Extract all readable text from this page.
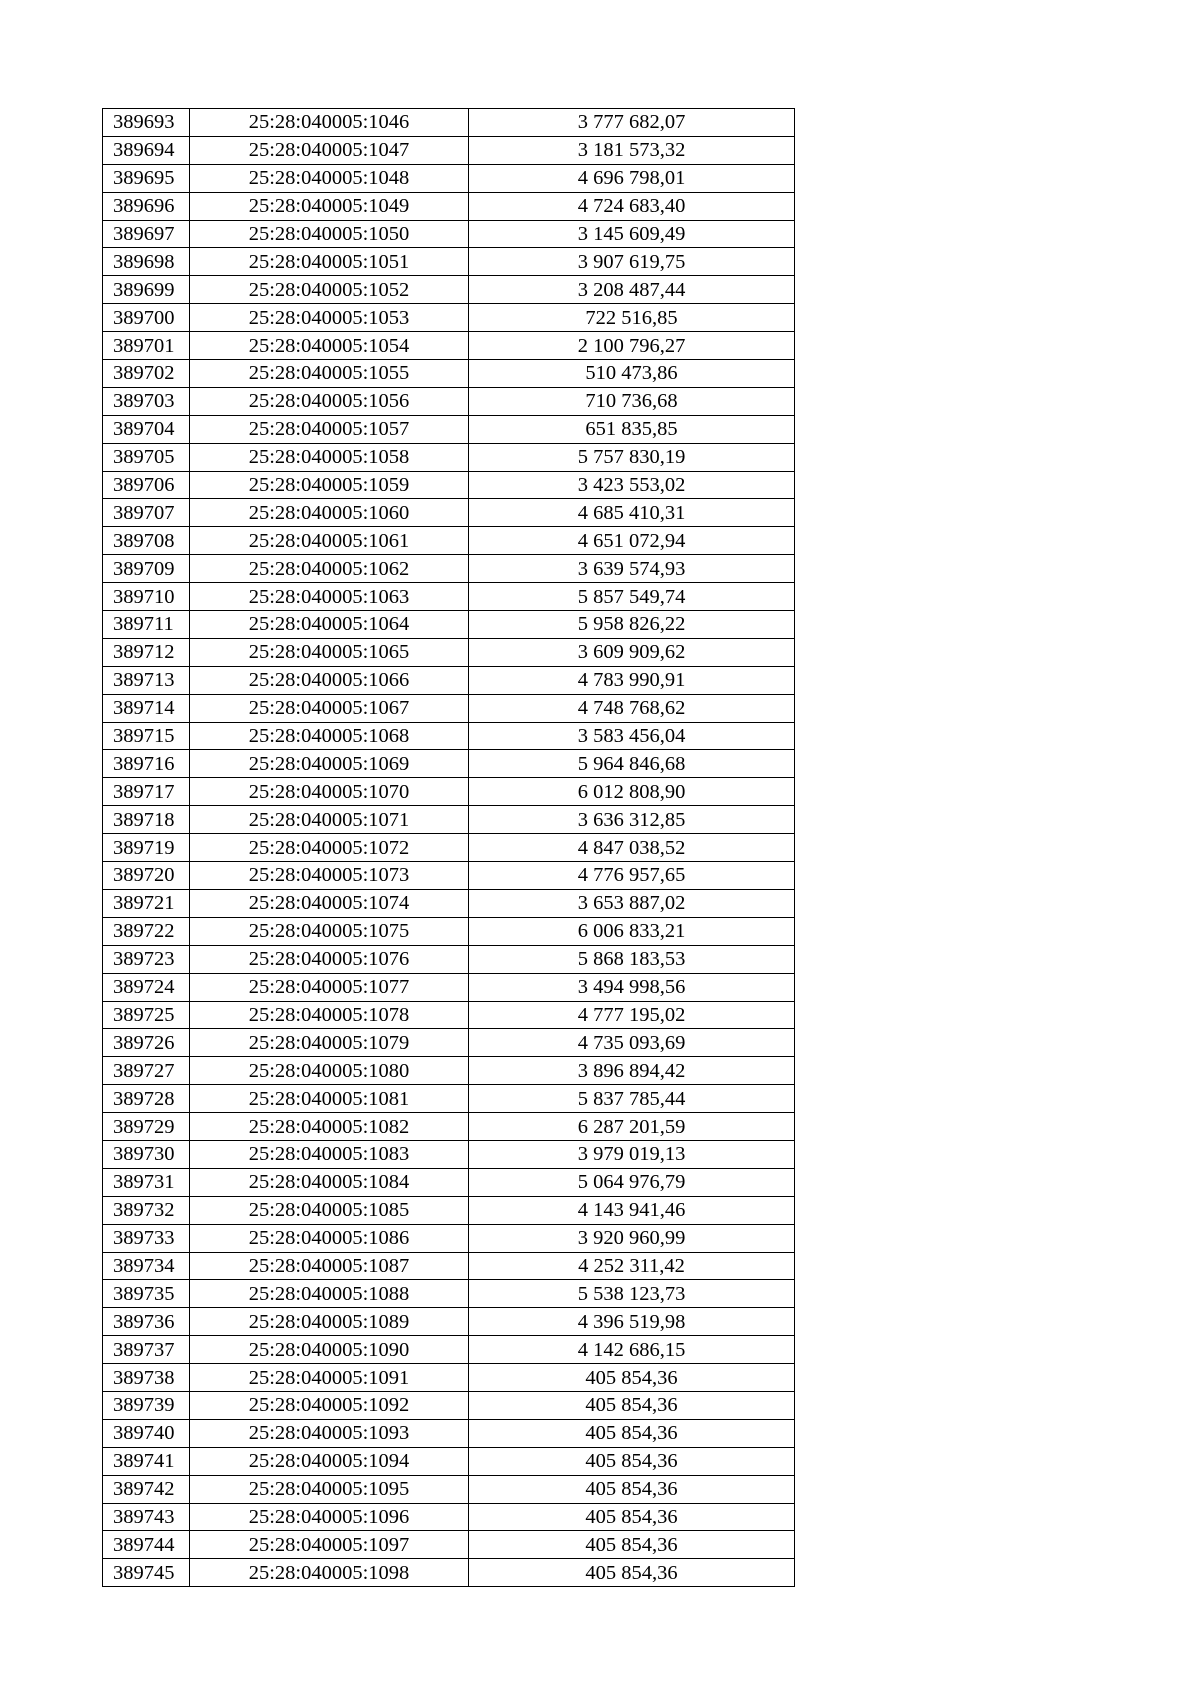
389693	25:28:040005:1046	3 777 682,07
389694	25:28:040005:1047	3 181 573,32
389695	25:28:040005:1048	4 696 798,01
389696	25:28:040005:1049	4 724 683,40
389697	25:28:040005:1050	3 145 609,49
389698	25:28:040005:1051	3 907 619,75
389699	25:28:040005:1052	3 208 487,44
389700	25:28:040005:1053	722 516,85
389701	25:28:040005:1054	2 100 796,27
389702	25:28:040005:1055	510 473,86
389703	25:28:040005:1056	710 736,68
389704	25:28:040005:1057	651 835,85
389705	25:28:040005:1058	5 757 830,19
389706	25:28:040005:1059	3 423 553,02
389707	25:28:040005:1060	4 685 410,31
389708	25:28:040005:1061	4 651 072,94
389709	25:28:040005:1062	3 639 574,93
389710	25:28:040005:1063	5 857 549,74
389711	25:28:040005:1064	5 958 826,22
389712	25:28:040005:1065	3 609 909,62
389713	25:28:040005:1066	4 783 990,91
389714	25:28:040005:1067	4 748 768,62
389715	25:28:040005:1068	3 583 456,04
389716	25:28:040005:1069	5 964 846,68
389717	25:28:040005:1070	6 012 808,90
389718	25:28:040005:1071	3 636 312,85
389719	25:28:040005:1072	4 847 038,52
389720	25:28:040005:1073	4 776 957,65
389721	25:28:040005:1074	3 653 887,02
389722	25:28:040005:1075	6 006 833,21
389723	25:28:040005:1076	5 868 183,53
389724	25:28:040005:1077	3 494 998,56
389725	25:28:040005:1078	4 777 195,02
389726	25:28:040005:1079	4 735 093,69
389727	25:28:040005:1080	3 896 894,42
389728	25:28:040005:1081	5 837 785,44
389729	25:28:040005:1082	6 287 201,59
389730	25:28:040005:1083	3 979 019,13
389731	25:28:040005:1084	5 064 976,79
389732	25:28:040005:1085	4 143 941,46
389733	25:28:040005:1086	3 920 960,99
389734	25:28:040005:1087	4 252 311,42
389735	25:28:040005:1088	5 538 123,73
389736	25:28:040005:1089	4 396 519,98
389737	25:28:040005:1090	4 142 686,15
389738	25:28:040005:1091	405 854,36
389739	25:28:040005:1092	405 854,36
389740	25:28:040005:1093	405 854,36
389741	25:28:040005:1094	405 854,36
389742	25:28:040005:1095	405 854,36
389743	25:28:040005:1096	405 854,36
389744	25:28:040005:1097	405 854,36
389745	25:28:040005:1098	405 854,36
